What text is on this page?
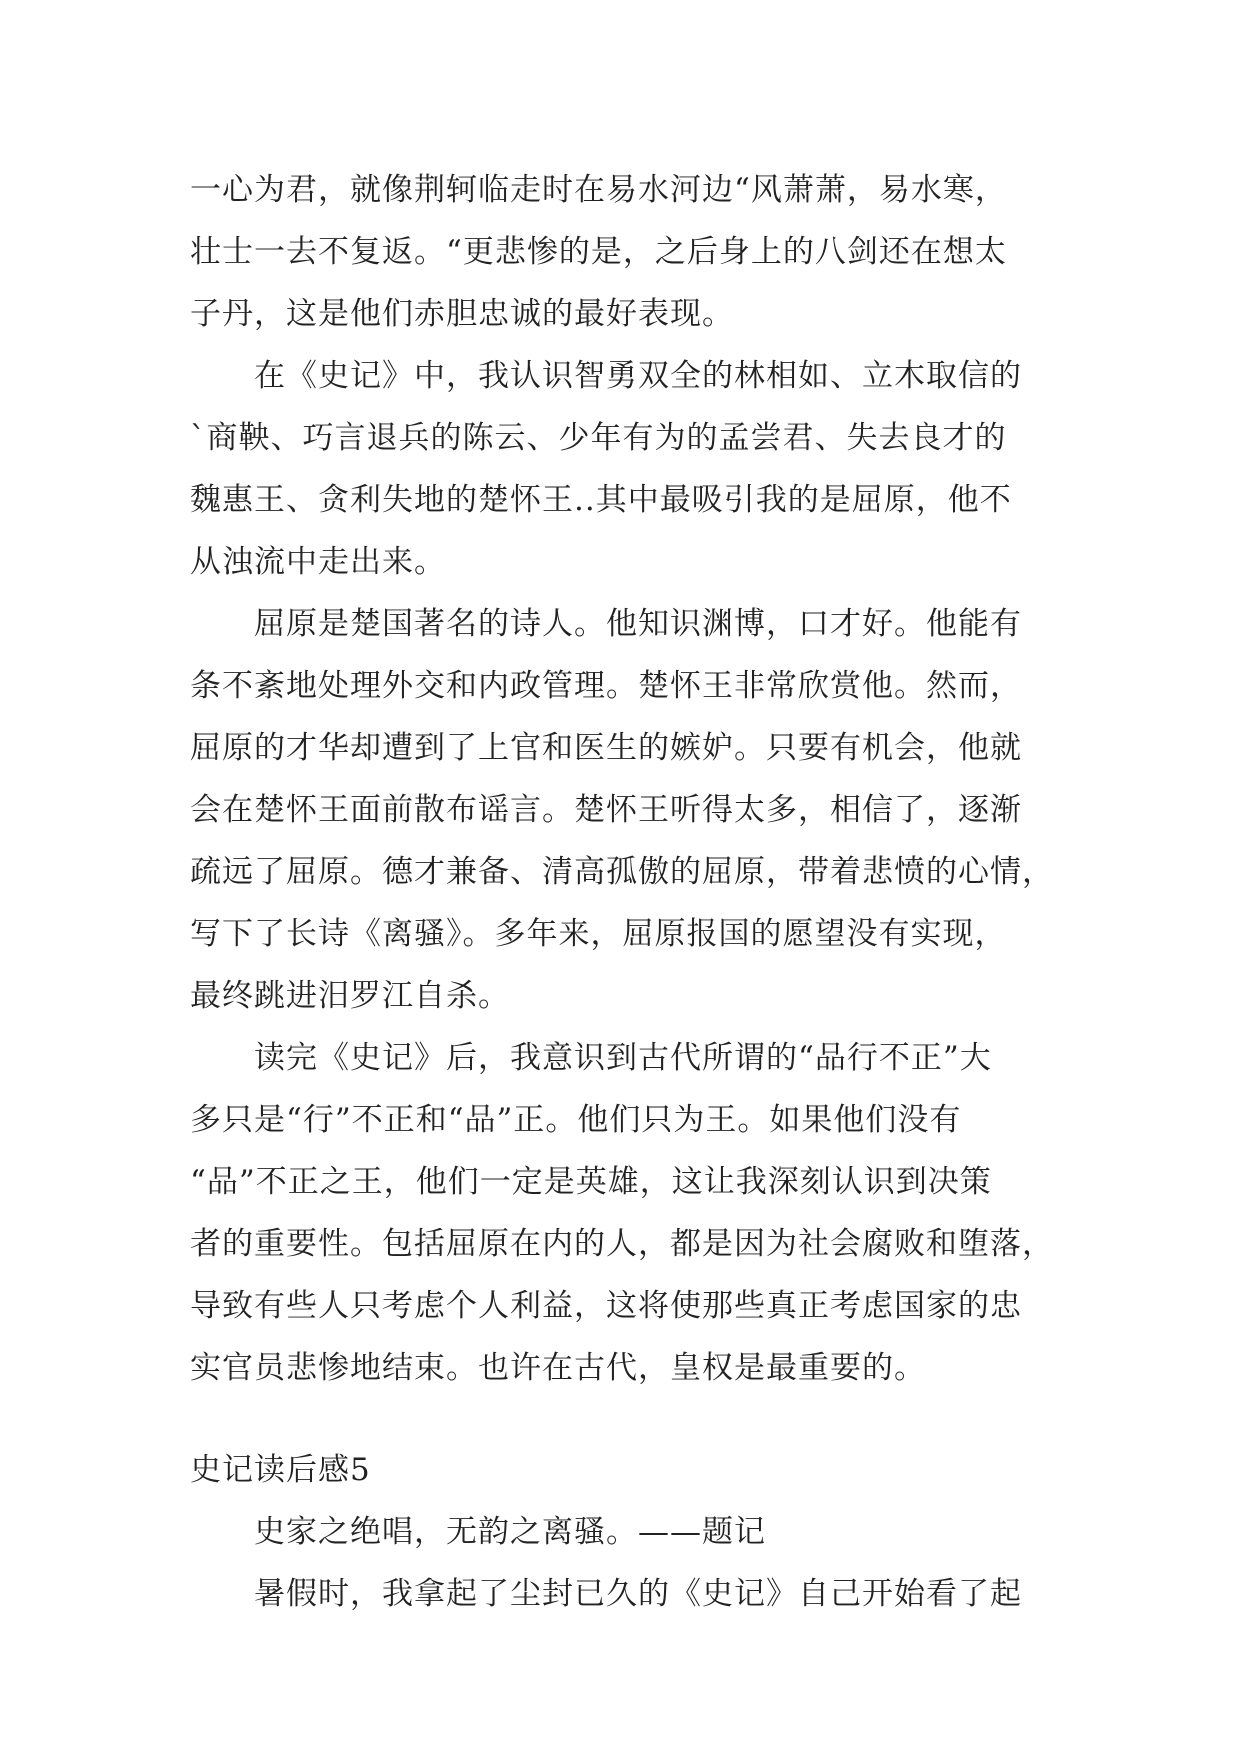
一心为君，就像荆轲临走时在易水河边“风萧萧，易水寒，
壮士一去不复返。“更悲惨的是，之后身上的八剑还在想太
子丹，这是他们赤胆忠诚的最好表现。
在《史记》中，我认识智勇双全的林相如、立木取信的
`商鞅、巧言退兵的陈云、少年有为的孟尝君、失去良才的
魏惠王、贪利失地的楚怀王..其中最吸引我的是屈原，他不
从浊流中走出来。
屈原是楚国著名的诗人。他知识渊博，口才好。他能有
条不紊地处理外交和内政管理。楚怀王非常欣赏他。然而，
屈原的才华却遭到了上官和医生的嫉妒。只要有机会，他就
会在楚怀王面前散布谣言。楚怀王听得太多，相信了，逐渐
疏远了屈原。德才兼备、清高孤傲的屈原，带着悲愤的心情，
写下了长诗《离骚》。多年来，屈原报国的愿望没有实现，
最终跳进汨罗江自杀。
读完《史记》后，我意识到古代所谓的“品行不正”大
多只是“行”不正和“品”正。他们只为王。如果他们没有
“品”不正之王，他们一定是英雄，这让我深刻认识到决策
者的重要性。包括屈原在内的人，都是因为社会腐败和堕落，
导致有些人只考虑个人利益，这将使那些真正考虑国家的忠
实官员悲惨地结束。也许在古代，皇权是最重要的。
史记读后感5
史家之绝唱，无韵之离骚。——题记
暑假时，我拿起了尘封已久的《史记》自己开始看了起
